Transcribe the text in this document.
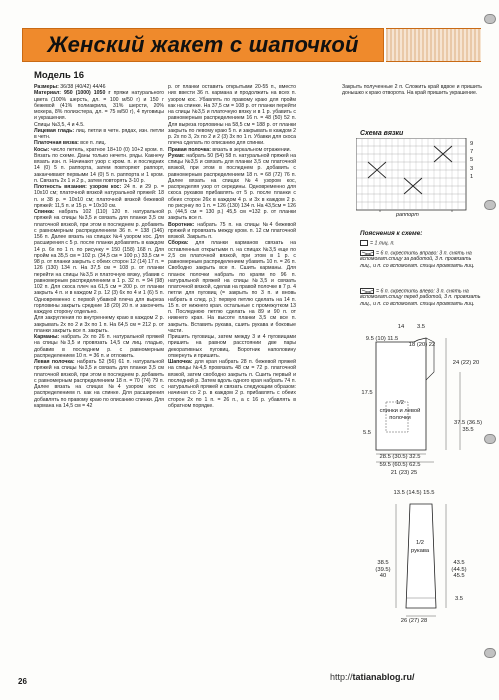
Женский жакет с шапочкой
Модель 16

Размеры: 36/38 (40/42) 44/46

Материал: 950 (1000) 1050 г пряжи натурального цвета (100% шерсть, дл. = 100 м/50 г) и 150 г бежевой (41% полиакрила, 31% шерсти, 20% мохера, 8% полиэстера, дл. = 75 м/50 г), 4 пуговицы и украшения.

Спицы №3,5, 4 и 4.5.

Лицевая гладь: лиц. петли в четн. рядах, изн. петли в четн.

Платочная вязка: все п. лиц.

Косы: число петель, кратное 18+10 (0) 10+2 кром. п. Вязать по схеме. Даны только нечетн. ряды. Какнечу вязать изн. п. Начинают узор с кром. п. и последних 14 (0) 5 п. раппорта, затем повторяют раппорт, заканчивают первыми 14 (0) 5 п. раппорта и 1 кром. п. Связать 2x 1 и 2 р., затем повторять 3-10 р.

Плотность вязания: узором кос: 24 п. и 29 р. = 10x10 см; платочной вязкой натуральной пряжей: 18 п. и 38 р. = 10x10 см; платочной вязкой бежевой пряжей: 11,5 п. и 15 р. = 10x10 см.

Спинка: набрать 102 (110) 120 п. натуральной пряжей на спицы №3,5 и связать для планки 3,5 см платочной вязкой, при этом в последнем р. добавить с равномерным распределением 36 п. = 138 (146) 156 п. Далее вязать на спицах №4 узором кос. Для расширения с 5 р. после планки добавлять в каждом 14 р. 6x по 1 п. по рисунку = 150 (158) 168 п. Для пройм на 35,5 см = 102 р. (34,5 см = 100 р.) 33,5 см = 98 р. от планки закрыть с обеих сторон 12 (14) 17 п. = 126 (130) 134 п. На 37,5 см = 108 р. от планки перейти на спицы №3,5 и платочную вязку, убавив с равномерным распределением в 1 р. 32 п. = 94 (98) 102 п. Для скоса плеч на 61,5 см = 200 р. от планки закрыть 4 п. и в каждом 2 р. 12 (3) 6x по 4 и 1 (6) 5 п. Одновременно с первой убавкой плеча для выреза горловины закрыть средние 18 (20) 20 п. и закончить каждую сторону отдельно.

Для закругления по внутреннему краю в каждом 2 р. закрывать 2x по 2 и 3x по 1 п. На 64,5 см = 212 р. от планки закрыть все п. закрыть.

Карманы: набрать 2x по 26 п. натуральной пряжей на спицы №3,5 и провязать 14,5 см лиц. гладью, добавив в последнем р. с равномерным распределением 10 п. = 36 п. и отложить.

Левая полочка: набрать 52 (56) 61 п. натуральной пряжей на спицы №3,5 и связать для планки 3,5 см платочной вязкой, при этом в последнем р. добавить с равномерным распределением 18 п. = 70 (74) 79 п. Далее вязать на спицах №4 узором кос с распределением п. как на спинке. Для расширения добавлять по правому краю по описанию спинки. Для кармана на 14,5 см = 42

р. от планки оставить открытыми 20-55 п., вместо них ввести 36 п. кармана и продолжить на всех п. узором кос. Убавлять по правому краю для пройм как на спинке. На 37,5 см = 108 р. от планки перейти на спицы №3,5 и платочную вязку и в 1 р. убавить с равномерным распределением 16 п. = 48 (50) 52 п. Для выреза горловины на 58,5 см = 188 р. от планки закрыть по левому краю 5 п. и закрывать в каждом 2 р. 2x по 3, 2x по 2 и 2 (3) 3x по 1 п. Убавки для скоса плеча сделать по описанию для спинки.

Правая полочка: вязать в зеркальном отражении.

Рукав: набрать 50 (54) 58 п. натуральной пряжей на спицы №3,5 и связать для планки 3,5 см платочной вязкой, при этом в последнем р. добавить с равномерным распределением 18 п. = 68 (72) 76 п. Далее вязать на спицах №4 узором кос, распределяя узор от середины. Одновременно для скоса рукавов прибавлять от 5 р. после планки с обеих сторон 26x в каждом 4 р. и 3x в каждом 2 р. по рисунку по 1 п. = 126 (130) 134 п. На 43,5см = 126 р. (44,5 см = 130 р.) 45,5 см =132 р. от планки закрыть все п.

Воротник: набрать 75 п. на спицы №4 бежевой пряжей и провязать между кром. п. 12 см платочной вязкой. Закрыть п.

Сборка: для планки карманов связать на оставленных открытыми п. на спицах №3,5 еще по 2,5 см платочной вязкой, при этом в 1 р. с равномерным распределением убавить 10 п. = 26 п. Свободно закрыть все п. Сшить карманы. Для планок полочки набрать по краям по 96 п. натуральной пряжей на спицы №3,5 и связать платочной вязкой, сделав на правой полочке в 7 р. 4 петли для пуговиц (= закрыть по 3 п. и вновь набрать в след. р.): первую петлю сделать на 14 п. 15 п. от нижнего края. остальные с промежутком 13 п. Последнюю петлю сделать на 89 и 90 п. от нижнего края. На высоте планки 3,5 см все п. закрыть. Вставить рукава, сшить рукава и боковые части.

Пришить пуговицы, затем между 3 и 4 пуговицами пришить на равном расстоянии две пары декоративных пуговиц. Воротник наполовину отвернуть и пришить.

Шапочка: для края набрать 28 п. бежевой пряжей на спицы №4,5 провязать 48 см = 72 р. платочной вязкой, затем свободно закрыть п. Сшить первый и последний р. Затем вдоль одного края набрать 74 п. натуральной пряжей и связать следующим образом: начиная со 2 р. в каждом 2 р. прибавлять с обеих сторон 2x по 1 п. = 26 п., а с 16 р. убавлять в обратном порядке.

Закрыть полученные 2 п. Сложить край вдвое и пришить донышко к краю отворота. На край пришить украшение.

Схема вязки
9
7
5
3
1
раппорт
Пояснения к схеме:
= 1 лиц. п.
= 6 п. скрестить вправо: 3 п. снять на вспомогат.спицу за работой, 3 п. провязать лиц., и п. со вспомогат. спицы провязать лиц.
= 6 п. скрестить влево: 3 п. снять на вспомогат.спицу перед работой, 3 п. провязать лиц., и п. со вспомогат. спицы провязать лиц.
1/2
спинки и левой полочки
14	3.5
24 (22) 20
37.5 (36.5) 35.5
17.5
5.5
9.5 (10) 11.5
18 (20) 22
28.5 (30.5) 32.5
59.5 (60.5) 62.5
21 (23) 25
1/2
рукава
38.5 (39.5) 40
43.5 (44.5) 45.5
3.5
13.5 (14.5) 15.5
26 (27) 28
26	http://tatianablog.ru/
